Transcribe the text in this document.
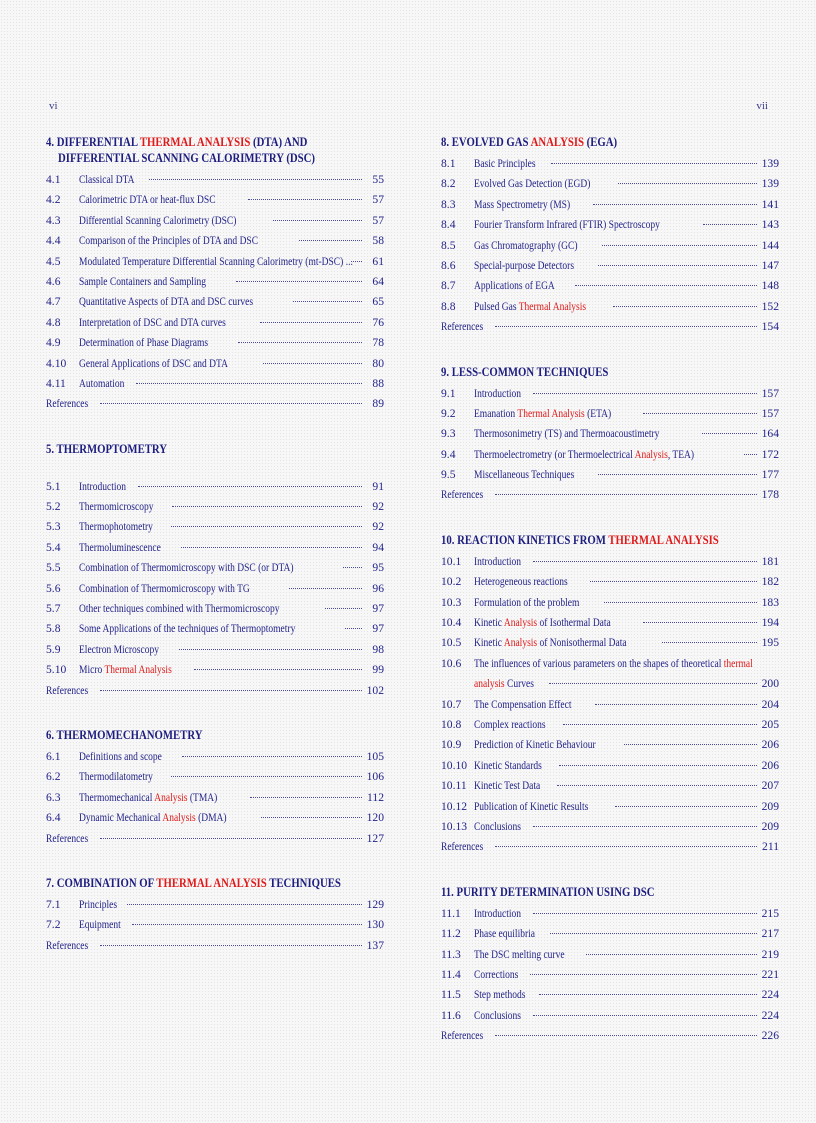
vi	vii
4. DIFFERENTIAL THERMAL ANALYSIS (DTA) AND
DIFFERENTIAL SCANNING CALORIMETRY (DSC)
4.1	Classical DTA	55
4.2	Calorimetric DTA or heat-flux DSC	57
4.3	Differential Scanning Calorimetry (DSC)	57
4.4	Comparison of the Principles of DTA and DSC	58
4.5	Modulated Temperature Differential Scanning Calorimetry (mt-DSC) ...	61
4.6	Sample Containers and Sampling	64
4.7	Quantitative Aspects of DTA and DSC curves	65
4.8	Interpretation of DSC and DTA curves	76
4.9	Determination of Phase Diagrams	78
4.10	General Applications of DSC and DTA	80
4.11	Automation	88
References	89
5. THERMOPTOMETRY
5.1	Introduction	91
5.2	Thermomicroscopy	92
5.3	Thermophotometry	92
5.4	Thermoluminescence	94
5.5	Combination of Thermomicroscopy with DSC (or DTA)	95
5.6	Combination of Thermomicroscopy with TG	96
5.7	Other techniques combined with Thermomicroscopy	97
5.8	Some Applications of the techniques of Thermoptometry	97
5.9	Electron Microscopy	98
5.10	Micro Thermal Analysis	99
References	102
6. THERMOMECHANOMETRY
6.1	Definitions and scope	105
6.2	Thermodilatometry	106
6.3	Thermomechanical Analysis (TMA)	112
6.4	Dynamic Mechanical Analysis (DMA)	120
References	127
7. COMBINATION OF THERMAL ANALYSIS TECHNIQUES
7.1	Principles	129
7.2	Equipment	130
References	137
8. EVOLVED GAS ANALYSIS (EGA)
8.1	Basic Principles	139
8.2	Evolved Gas Detection (EGD)	139
8.3	Mass Spectrometry (MS)	141
8.4	Fourier Transform Infrared (FTIR) Spectroscopy	143
8.5	Gas Chromatography (GC)	144
8.6	Special-purpose Detectors	147
8.7	Applications of EGA	148
8.8	Pulsed Gas Thermal Analysis	152
References	154
9. LESS-COMMON TECHNIQUES
9.1	Introduction	157
9.2	Emanation Thermal Analysis (ETA)	157
9.3	Thermosonimetry (TS) and Thermoacoustimetry	164
9.4	Thermoelectrometry (or Thermoelectrical Analysis, TEA)	172
9.5	Miscellaneous Techniques	177
References	178
10. REACTION KINETICS FROM THERMAL ANALYSIS
10.1	Introduction	181
10.2	Heterogeneous reactions	182
10.3	Formulation of the problem	183
10.4	Kinetic Analysis of Isothermal Data	194
10.5	Kinetic Analysis of Nonisothermal Data	195
10.6	The influences of various parameters on the shapes of theoretical thermal
analysis Curves	200
10.7	The Compensation Effect	204
10.8	Complex reactions	205
10.9	Prediction of Kinetic Behaviour	206
10.10 Kinetic Standards	206
10.11 Kinetic Test Data	207
10.12 Publication of Kinetic Results	209
10.13 Conclusions	209
References	211
11. PURITY DETERMINATION USING DSC
11.1	Introduction	215
11.2	Phase equilibria	217
11.3	The DSC melting curve	219
11.4	Corrections	221
11.5	Step methods	224
11.6	Conclusions	224
References	226
